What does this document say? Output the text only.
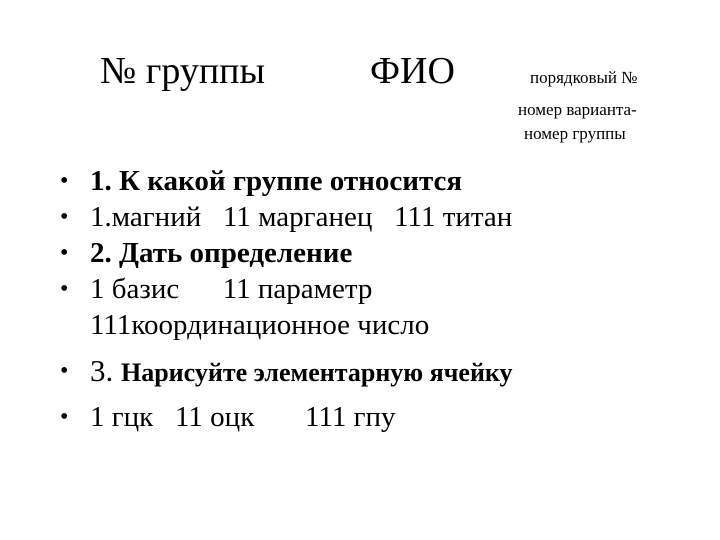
№ группы	ФИО	порядковый №
номер варианта-
номер группы
• 1. К какой группе относится
• 1.магний   11 марганец   111 титан
• 2. Дать определение
• 1 базис      11 параметр
111координационное число
• 3. Нарисуйте элементарную ячейку
• 1 гцк   11 оцк       111 гпу
